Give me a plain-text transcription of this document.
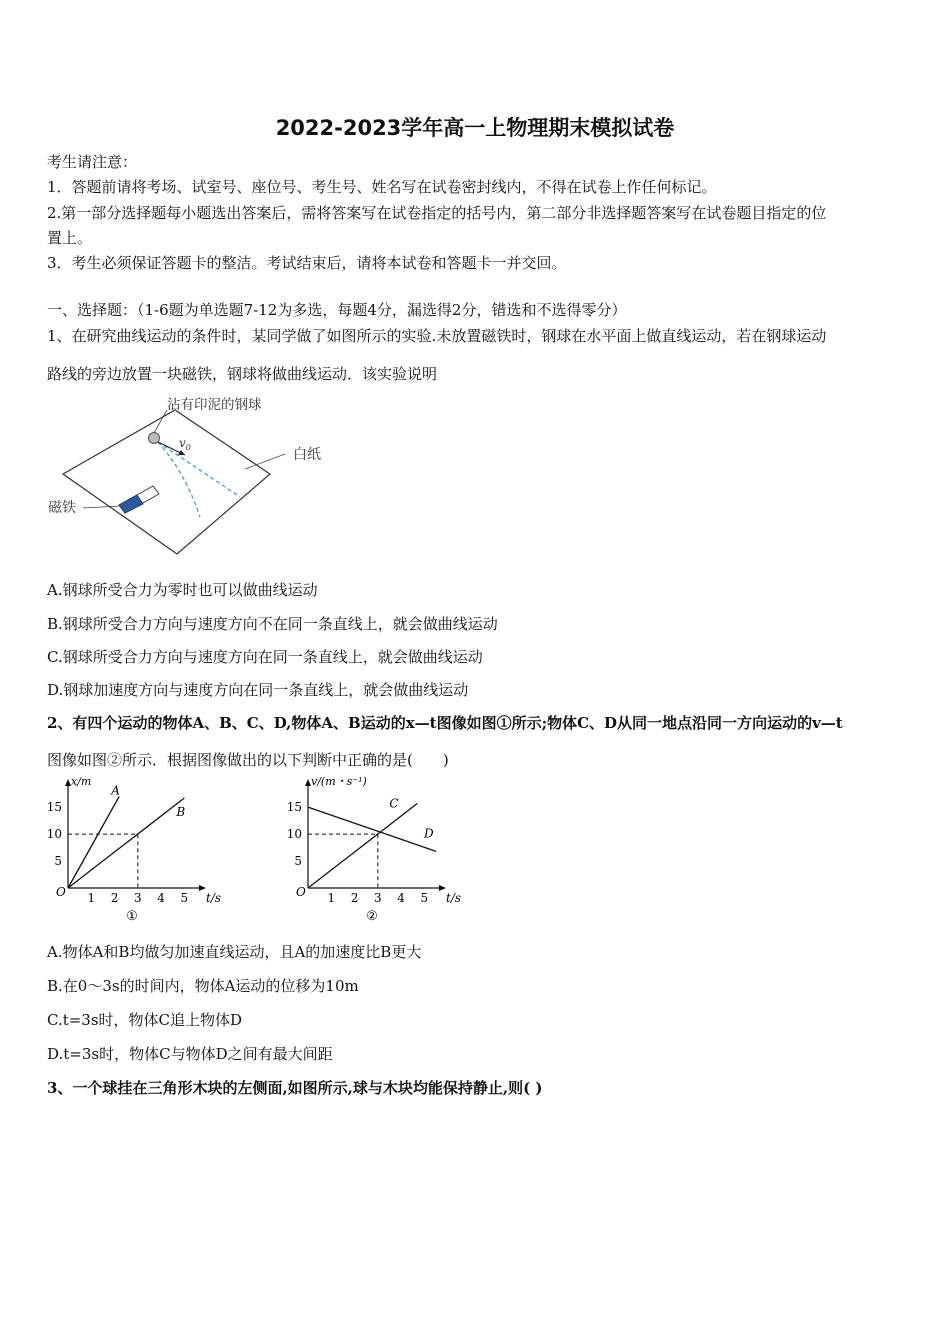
2022-2023学年高一上物理期末模拟试卷
考生请注意：
1．答题前请将考场、试室号、座位号、考生号、姓名写在试卷密封线内，不得在试卷上作任何标记。
2.第一部分选择题每小题选出答案后，需将答案写在试卷指定的括号内，第二部分非选择题答案写在试卷题目指定的位
置上。
3．考生必须保证答题卡的整洁。考试结束后，请将本试卷和答题卡一并交回。
一、选择题：（1-6题为单选题7-12为多选，每题4分，漏选得2分，错选和不选得零分）
1、在研究曲线运动的条件时，某同学做了如图所示的实验.未放置磁铁时，钢球在水平面上做直线运动，若在钢球运动
路线的旁边放置一块磁铁，钢球将做曲线运动．该实验说明
沾有印泥的钢球
$v_0$	白纸
磁铁
A.钢球所受合力为零时也可以做曲线运动
B.钢球所受合力方向与速度方向不在同一条直线上，就会做曲线运动
C.钢球所受合力方向与速度方向在同一条直线上，就会做曲线运动
D.钢球加速度方向与速度方向在同一条直线上，就会做曲线运动
2、有四个运动的物体A、B、C、D,物体A、B运动的x—t图像如图①所示;物体C、D从同一地点沿同一方向运动的v—t
图像如图②所示．根据图像做出的以下判断中正确的是(　　)
1 2 3 4 5
5
10
15
O	t/s
x/m
A
B
①
1 2 3 4 5
5
10
15
O	t/s
v/(m・s⁻¹)
C
D
②
A.物体A和B均做匀加速直线运动，且A的加速度比B更大
B.在0～3s的时间内，物体A运动的位移为10m
C.t=3s时，物体C追上物体D
D.t=3s时，物体C与物体D之间有最大间距
3、一个球挂在三角形木块的左侧面,如图所示,球与木块均能保持静止,则( )
